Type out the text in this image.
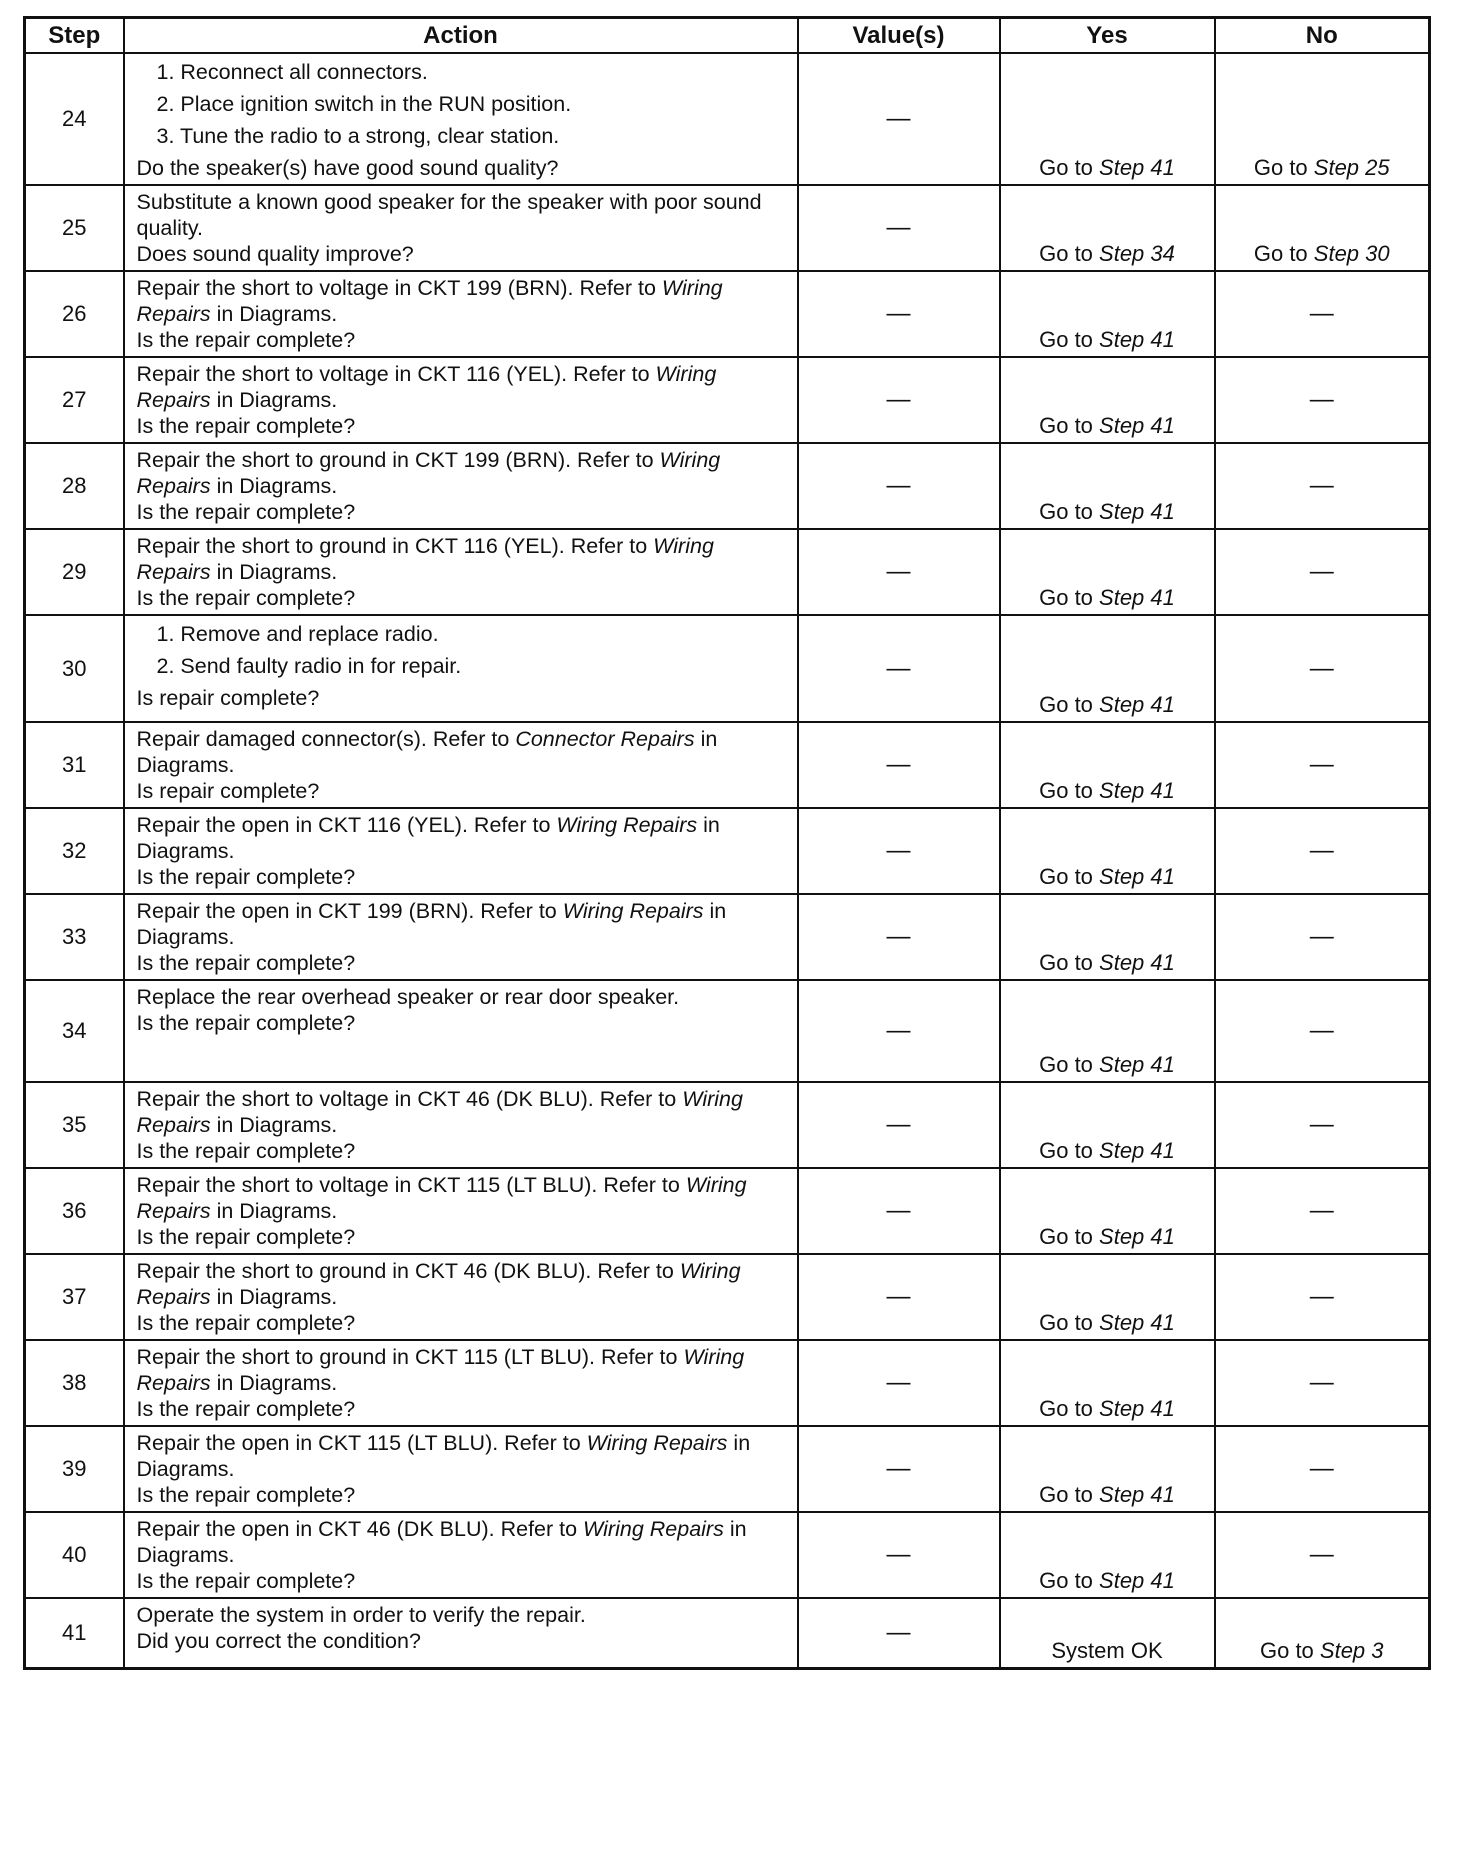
Step	Action	Value(s)	Yes	No
24	1. Reconnect all connectors.
2. Place ignition switch in the RUN position.
3. Tune the radio to a strong, clear station.
Do the speaker(s) have good sound quality?	—	Go to Step 41	Go to Step 25

25	Substitute a known good speaker for the speaker with poor sound quality.
Does sound quality improve?	—	Go to Step 34	Go to Step 30

26	Repair the short to voltage in CKT 199 (BRN). Refer to Wiring Repairs in Diagrams.
Is the repair complete?	—	Go to Step 41	—
27	Repair the short to voltage in CKT 116 (YEL). Refer to Wiring Repairs in Diagrams.
Is the repair complete?	—	Go to Step 41	—
28	Repair the short to ground in CKT 199 (BRN). Refer to Wiring Repairs in Diagrams.
Is the repair complete?	—	Go to Step 41	—
29	Repair the short to ground in CKT 116 (YEL). Refer to Wiring Repairs in Diagrams.
Is the repair complete?	—	Go to Step 41	—
30	1. Remove and replace radio.
2. Send faulty radio in for repair.
Is repair complete?	—	Go to Step 41	—
31	Repair damaged connector(s). Refer to Connector Repairs in Diagrams.
Is repair complete?	—	Go to Step 41	—
32	Repair the open in CKT 116 (YEL). Refer to Wiring Repairs in Diagrams.
Is the repair complete?	—	Go to Step 41	—
33	Repair the open in CKT 199 (BRN). Refer to Wiring Repairs in Diagrams.
Is the repair complete?	—	Go to Step 41	—
34	Replace the rear overhead speaker or rear door speaker.
Is the repair complete?	—	Go to Step 41	—
35	Repair the short to voltage in CKT 46 (DK BLU). Refer to Wiring Repairs in Diagrams.
Is the repair complete?	—	Go to Step 41	—
36	Repair the short to voltage in CKT 115 (LT BLU). Refer to Wiring Repairs in Diagrams.
Is the repair complete?	—	Go to Step 41	—
37	Repair the short to ground in CKT 46 (DK BLU). Refer to Wiring Repairs in Diagrams.
Is the repair complete?	—	Go to Step 41	—
38	Repair the short to ground in CKT 115 (LT BLU). Refer to Wiring Repairs in Diagrams.
Is the repair complete?	—	Go to Step 41	—
39	Repair the open in CKT 115 (LT BLU). Refer to Wiring Repairs in Diagrams.
Is the repair complete?	—	Go to Step 41	—
40	Repair the open in CKT 46 (DK BLU). Refer to Wiring Repairs in Diagrams.
Is the repair complete?	—	Go to Step 41	—
41	Operate the system in order to verify the repair.
Did you correct the condition?	—	System OK	Go to Step 3
